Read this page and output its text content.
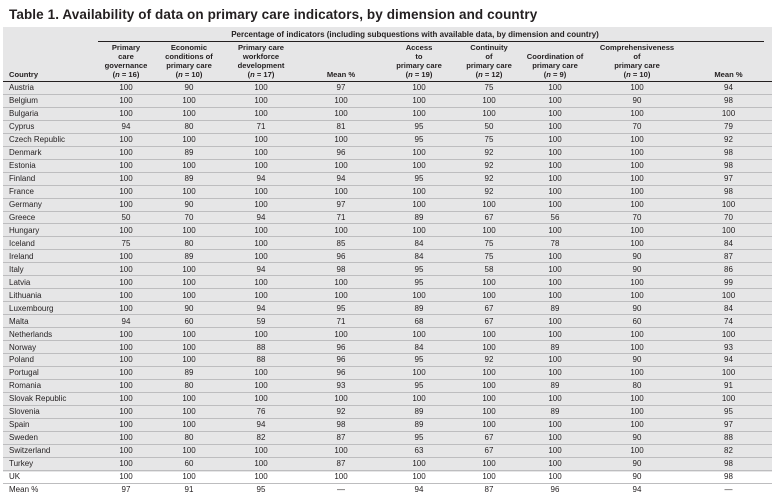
Table 1. Availability of data on primary care indicators, by dimension and country
Percentage of indicators (including subquestions with available data, by dimension and country)

Country	Primary
care
governance
(n = 16)	Economic
conditions of
primary care
(n = 10)	Primary care
workforce
development
(n = 17)	Mean %	Access
to
primary care
(n = 19)	Continuity
of
primary care
(n = 12)	Coordination of
primary care
(n = 9)	Comprehensiveness
of
primary care
(n = 10)	Mean %

Austria	100	90	100	97	100	75	100	100	94
Belgium	100	100	100	100	100	100	100	90	98
Bulgaria	100	100	100	100	100	100	100	100	100
Cyprus	94	80	71	81	95	50	100	70	79
Czech Republic	100	100	100	100	95	75	100	100	92
Denmark	100	89	100	96	100	92	100	100	98
Estonia	100	100	100	100	100	92	100	100	98
Finland	100	89	94	94	95	92	100	100	97
France	100	100	100	100	100	92	100	100	98
Germany	100	90	100	97	100	100	100	100	100
Greece	50	70	94	71	89	67	56	70	70
Hungary	100	100	100	100	100	100	100	100	100
Iceland	75	80	100	85	84	75	78	100	84
Ireland	100	89	100	96	84	75	100	90	87
Italy	100	100	94	98	95	58	100	90	86
Latvia	100	100	100	100	95	100	100	100	99
Lithuania	100	100	100	100	100	100	100	100	100
Luxembourg	100	90	94	95	89	67	89	90	84
Malta	94	60	59	71	68	67	100	60	74
Netherlands	100	100	100	100	100	100	100	100	100
Norway	100	100	88	96	84	100	89	100	93
Poland	100	100	88	96	95	92	100	90	94
Portugal	100	89	100	96	100	100	100	100	100
Romania	100	80	100	93	95	100	89	80	91
Slovak Republic	100	100	100	100	100	100	100	100	100
Slovenia	100	100	76	92	89	100	89	100	95
Spain	100	100	94	98	89	100	100	100	97
Sweden	100	80	82	87	95	67	100	90	88
Switzerland	100	100	100	100	63	67	100	100	82
Turkey	100	60	100	87	100	100	100	90	98
UK	100	100	100	100	100	100	100	90	98
Mean %	97	91	95	—	94	87	96	94	—
